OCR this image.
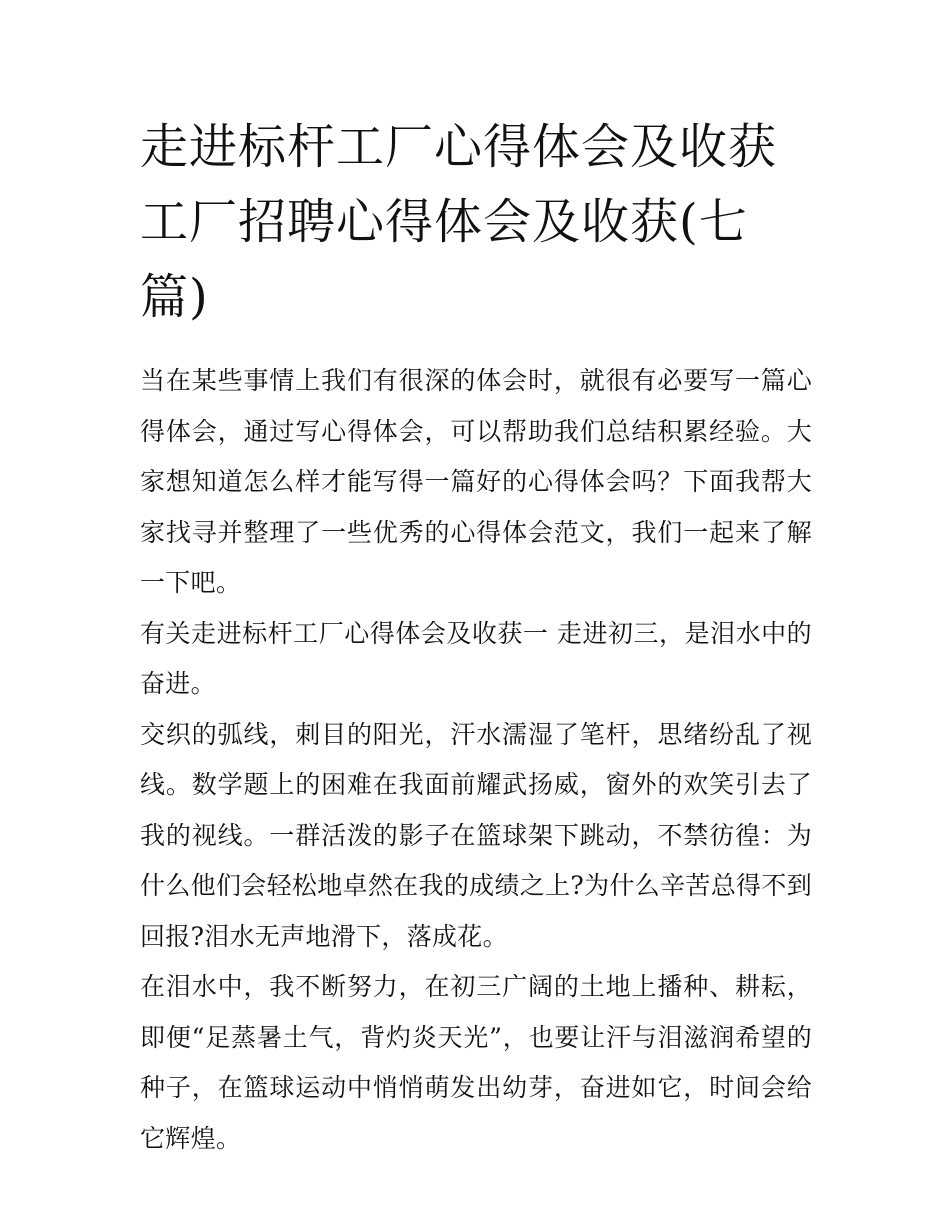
走进标杆工厂心得体会及收获 工厂招聘心得体会及收获(七篇)

当在某些事情上我们有很深的体会时，就很有必要写一篇心得体会，通过写心得体会，可以帮助我们总结积累经验。大家想知道怎么样才能写得一篇好的心得体会吗？下面我帮大家找寻并整理了一些优秀的心得体会范文，我们一起来了解一下吧。

有关走进标杆工厂心得体会及收获一 走进初三，是泪水中的奋进。

交织的弧线，刺目的阳光，汗水濡湿了笔杆，思绪纷乱了视线。数学题上的困难在我面前耀武扬威，窗外的欢笑引去了我的视线。一群活泼的影子在篮球架下跳动，不禁彷徨：为什么他们会轻松地卓然在我的成绩之上?为什么辛苦总得不到回报?泪水无声地滑下，落成花。

在泪水中，我不断努力，在初三广阔的土地上播种、耕耘，即便“足蒸暑土气，背灼炎天光”，也要让汗与泪滋润希望的种子，在篮球运动中悄悄萌发出幼芽，奋进如它，时间会给它辉煌。
